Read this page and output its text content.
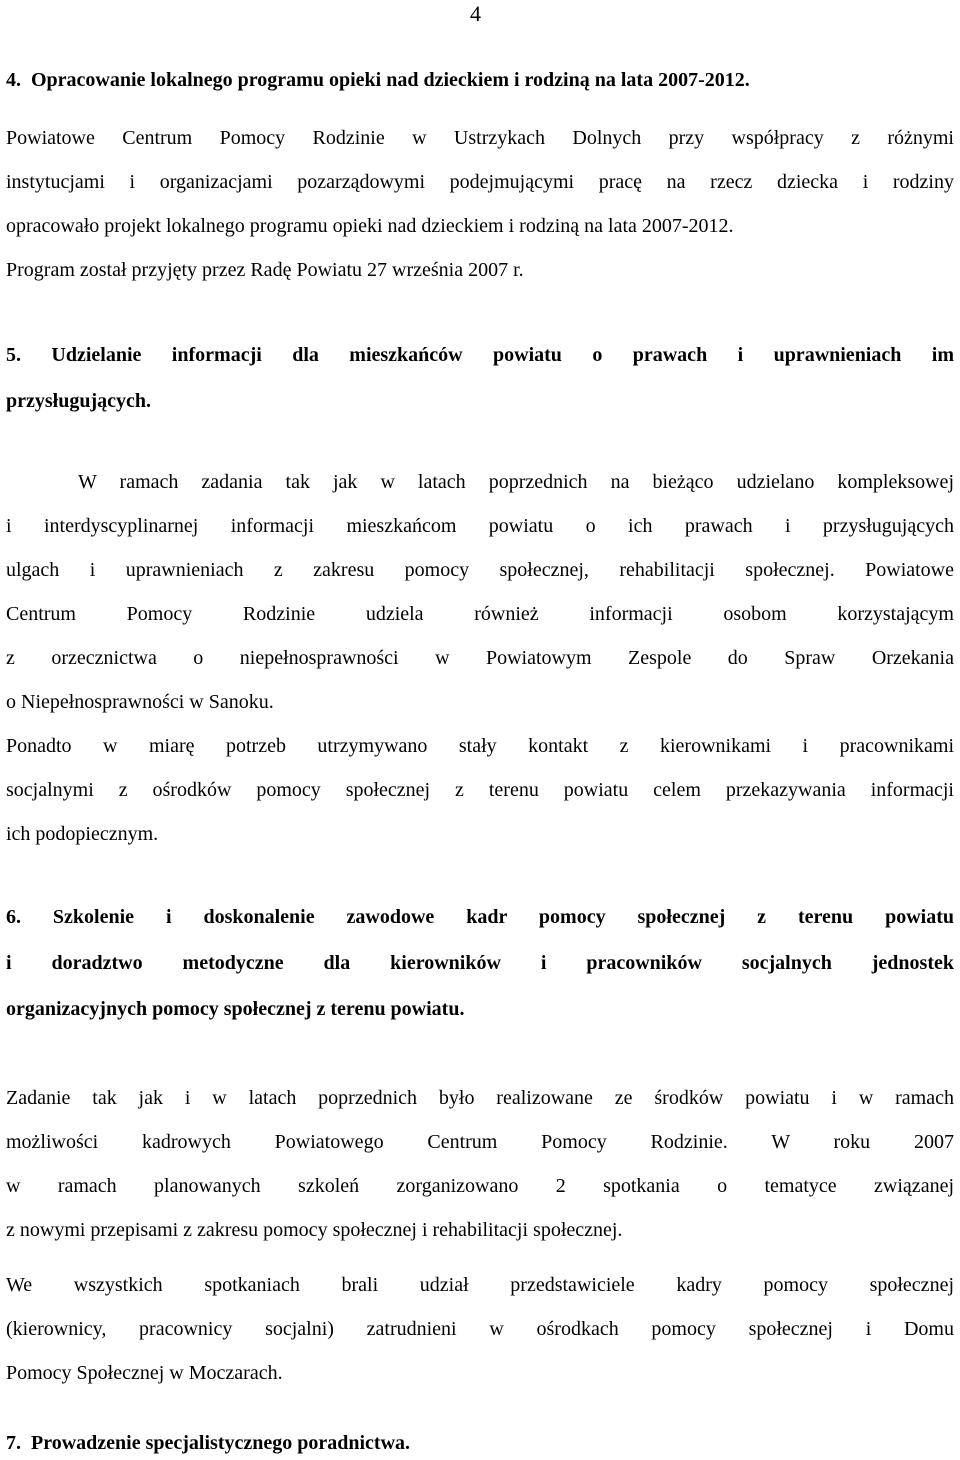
4
4. Opracowanie lokalnego programu opieki nad dzieckiem i rodziną na lata 2007-2012.
Powiatowe Centrum Pomocy Rodzinie w Ustrzykach Dolnych przy współpracy z różnymi
instytucjami i organizacjami pozarządowymi podejmującymi pracę na rzecz dziecka i rodziny
opracowało projekt lokalnego programu opieki nad dzieckiem i rodziną na lata 2007-2012.
Program został przyjęty przez Radę Powiatu 27 września 2007 r.
5. Udzielanie informacji dla mieszkańców powiatu o prawach i uprawnieniach im
przysługujących.
W ramach zadania tak jak w latach poprzednich na bieżąco udzielano kompleksowej
i interdyscyplinarnej informacji mieszkańcom powiatu o ich prawach i przysługujących
ulgach i uprawnieniach z zakresu pomocy społecznej, rehabilitacji społecznej. Powiatowe
Centrum Pomocy Rodzinie udziela również informacji osobom korzystającym
z orzecznictwa o niepełnosprawności w Powiatowym Zespole do Spraw Orzekania
o Niepełnosprawności w Sanoku.
Ponadto w miarę potrzeb utrzymywano stały kontakt z kierownikami i pracownikami
socjalnymi z ośrodków pomocy społecznej z terenu powiatu celem przekazywania informacji
ich podopiecznym.
6. Szkolenie i doskonalenie zawodowe kadr pomocy społecznej z terenu powiatu
i doradztwo metodyczne dla kierowników i pracowników socjalnych jednostek
organizacyjnych pomocy społecznej z terenu powiatu.
Zadanie tak jak i w latach poprzednich było realizowane ze środków powiatu i w ramach
możliwości kadrowych Powiatowego Centrum Pomocy Rodzinie. W roku 2007
w ramach planowanych szkoleń zorganizowano 2 spotkania o tematyce związanej
z nowymi przepisami z zakresu pomocy społecznej i rehabilitacji społecznej.
We wszystkich spotkaniach brali udział przedstawiciele kadry pomocy społecznej
(kierownicy, pracownicy socjalni) zatrudnieni w ośrodkach pomocy społecznej i Domu
Pomocy Społecznej w Moczarach.
7. Prowadzenie specjalistycznego poradnictwa.
